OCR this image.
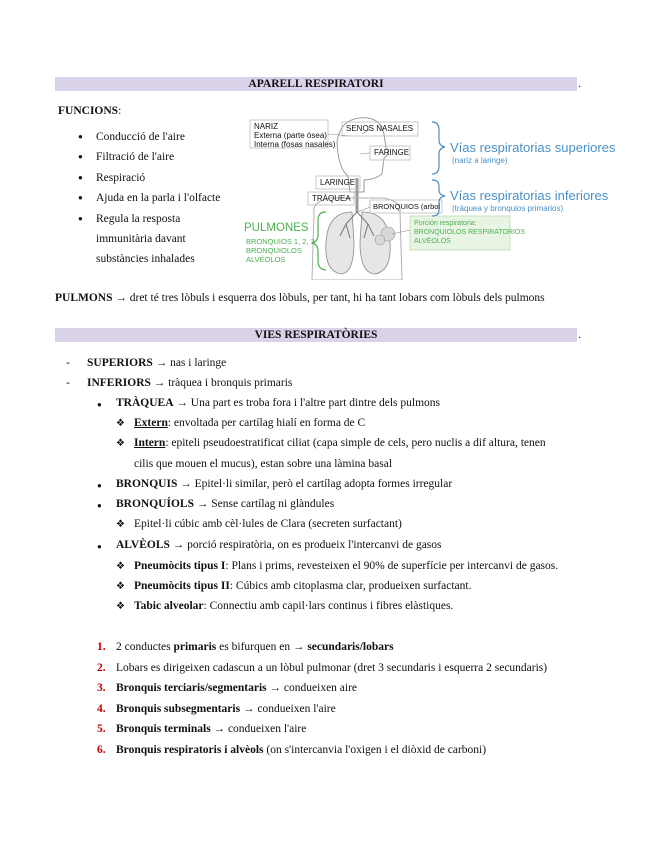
APARELL RESPIRATORI	.
FUNCIONS:
● Conducció de l'aire
● Filtració de l'aire
● Respiració
● Ajuda en la parla i l'olfacte
● Regula la resposta
immunitària davant
substàncies inhalades
NARIZ
Externa (parte ósea)
Interna (fosas nasales)
SENOS NASALES
FARINGE
LARINGE
TRÁQUEA
BRONQUIOS (arbol
Vías respiratorias superiores
(nariz a laringe)
Vías respiratorias inferiores
(tráquea y bronquios primarios)
PULMONES
BRONQUIOS 1, 2, 3
BRONQUIOLOS
ALVÉOLOS
Porción respiratoria:
BRONQUIOLOS RESPIRATORIOS
ALVÉOLOS
PULMONS → dret té tres lòbuls i esquerra dos lòbuls, per tant, hi ha tant lobars com lòbuls dels pulmons
VIES RESPIRATÒRIES	.
- SUPERIORS → nas i laringe
- INFERIORS → tràquea i bronquis primaris
● TRÀQUEA → Una part es troba fora i l'altre part dintre dels pulmons
❖ Extern: envoltada per cartílag hialí en forma de C
❖ Intern: epiteli pseudoestratificat ciliat (capa simple de cels, pero nuclis a dif altura, tenen
cilis que mouen el mucus), estan sobre una làmina basal
● BRONQUIS → Epitel·li similar, però el cartílag adopta formes irregular
● BRONQUÍOLS → Sense cartílag ni glàndules
❖ Epitel·li cúbic amb cèl·lules de Clara (secreten surfactant)
● ALVÈOLS → porció respiratòria, on es produeix l'intercanvi de gasos
❖ Pneumòcits tipus I: Plans i prims, revesteixen el 90% de superfície per intercanvi de gasos.
❖ Pneumòcits tipus II: Cúbics amb citoplasma clar, produeixen surfactant.
❖ Tabic alveolar: Connectiu amb capil·lars continus i fibres elàstiques.
1. 2 conductes primaris es bifurquen en → secundaris/lobars
2. Lobars es dirigeixen cadascun a un lòbul pulmonar (dret 3 secundaris i esquerra 2 secundaris)
3. Bronquis terciaris/segmentaris → condueixen aire
4. Bronquis subsegmentaris → condueixen l'aire
5. Bronquis terminals → condueixen l'aire
6. Bronquis respiratoris i alvèols (on s'intercanvia l'oxigen i el diòxid de carboni)
